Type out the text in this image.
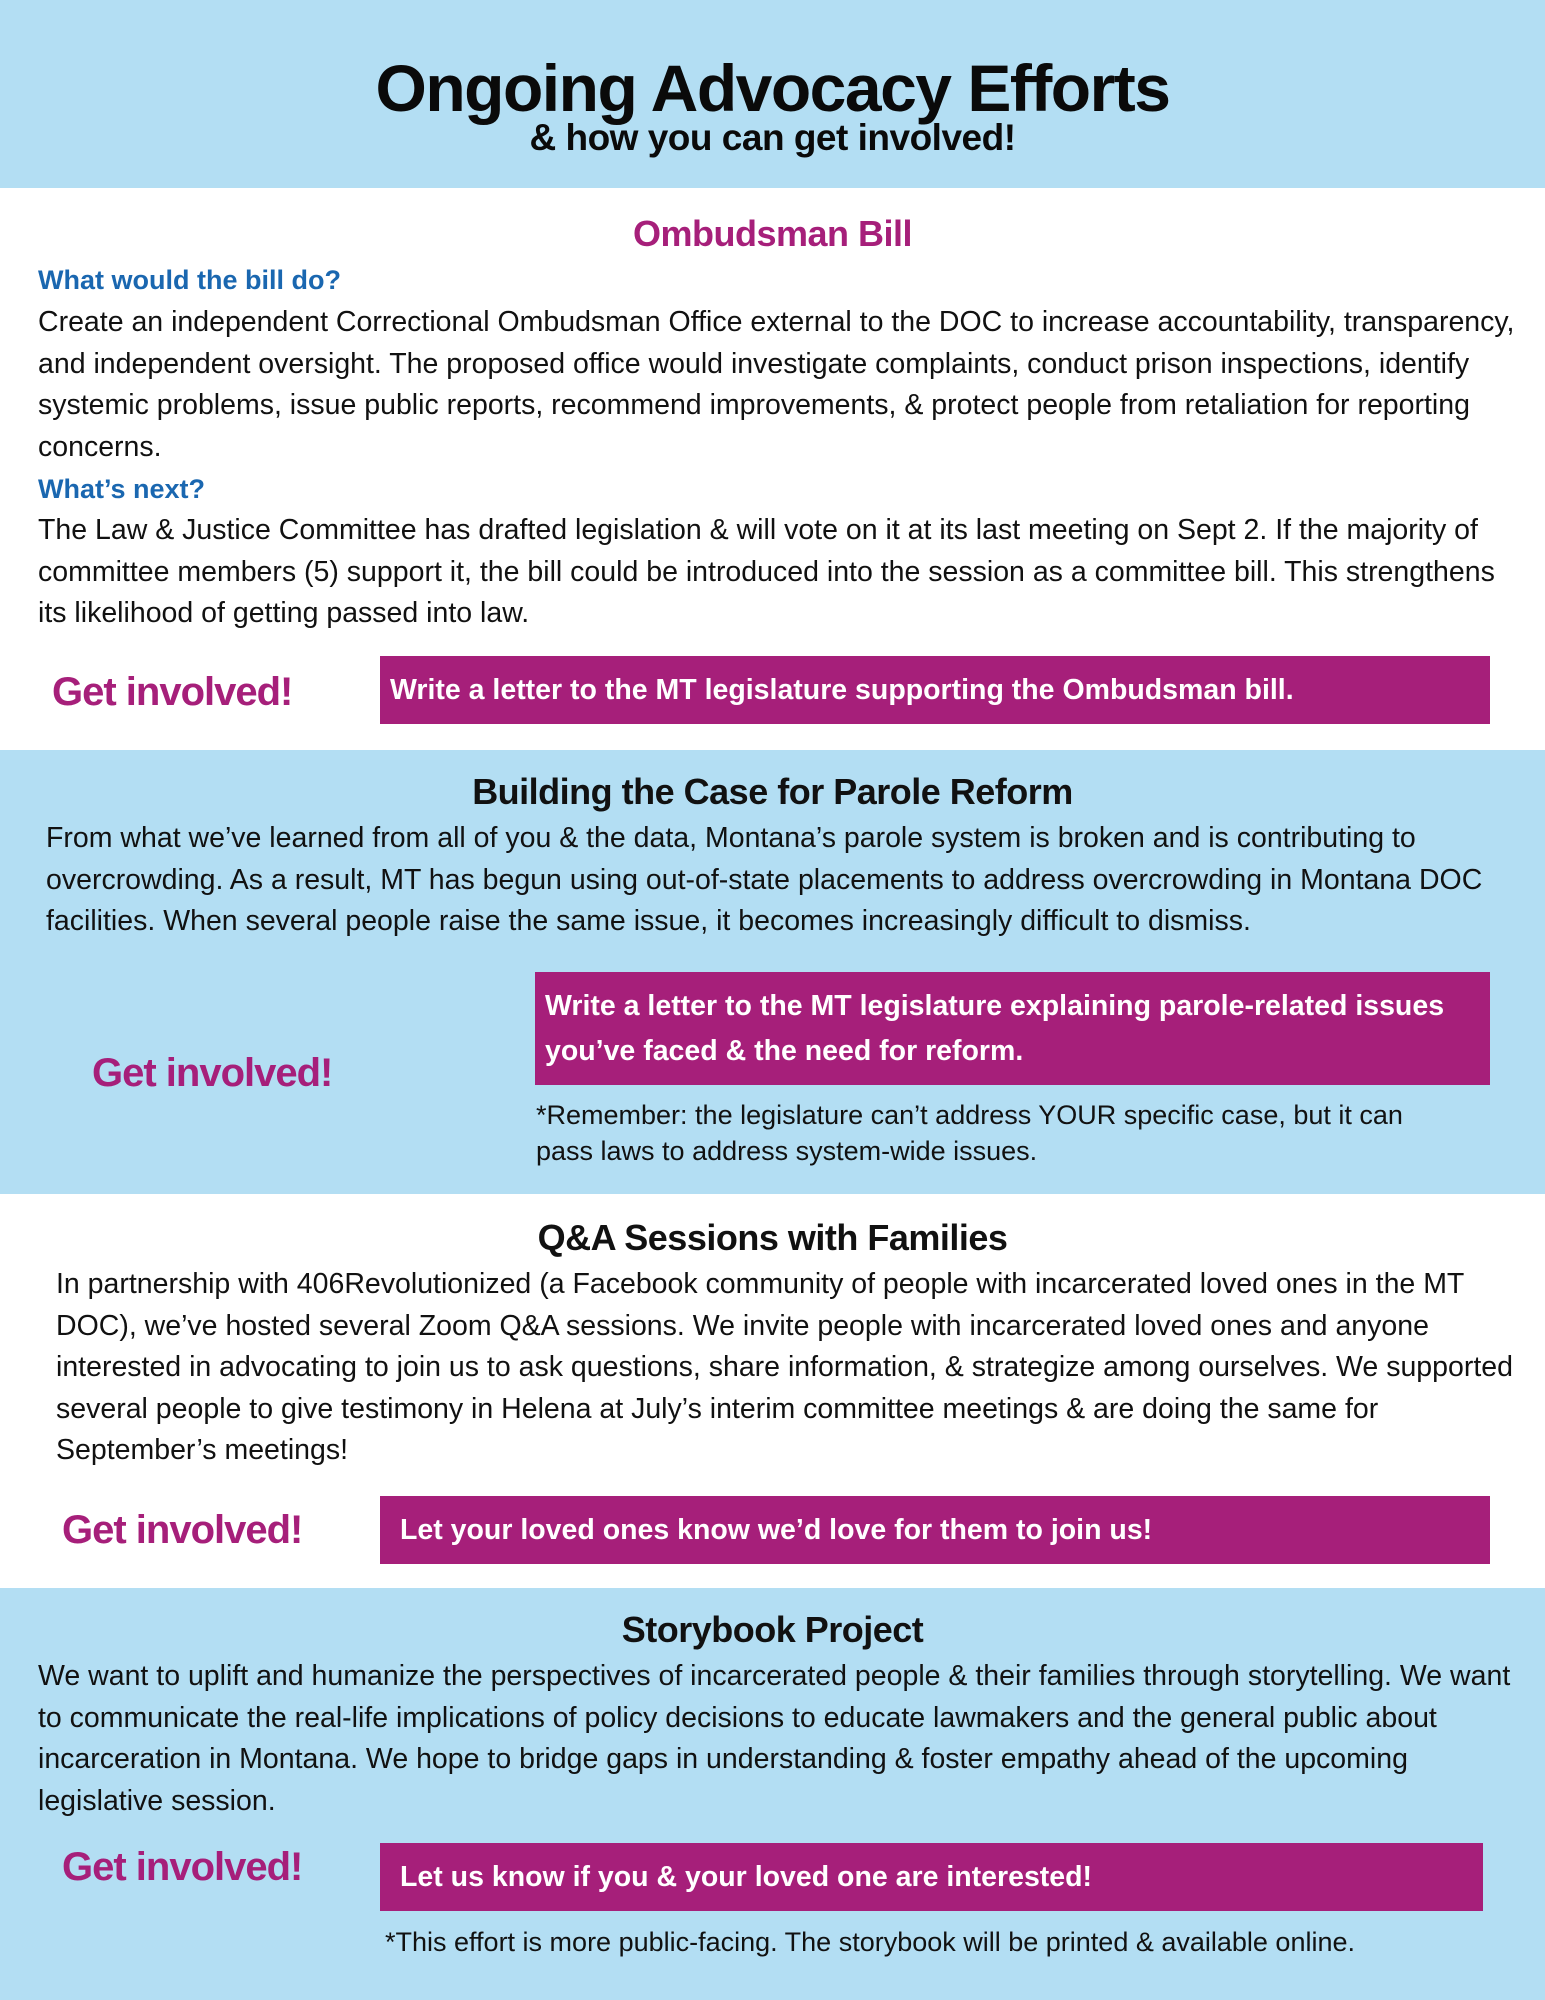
Ongoing Advocacy Efforts
& how you can get involved!
Ombudsman Bill
What would the bill do?

Create an independent Correctional Ombudsman Office external to the DOC to increase accountability, transparency, and independent oversight. The proposed office would investigate complaints, conduct prison inspections, identify systemic problems, issue public reports, recommend improvements, & protect people from retaliation for reporting concerns.

What’s next?

The Law & Justice Committee has drafted legislation & will vote on it at its last meeting on Sept 2. If the majority of committee members (5) support it, the bill could be introduced into the session as a committee bill. This strengthens its likelihood of getting passed into law.

Get involved!	Write a letter to the MT legislature supporting the Ombudsman bill.
Building the Case for Parole Reform

From what we’ve learned from all of you & the data, Montana’s parole system is broken and is contributing to overcrowding. As a result, MT has begun using out-of-state placements to address overcrowding in Montana DOC facilities. When several people raise the same issue, it becomes increasingly difficult to dismiss.

Get involved!
Write a letter to the MT legislature explaining parole-related issues you’ve faced & the need for reform.

*Remember: the legislature can’t address YOUR specific case, but it can pass laws to address system-wide issues.

Q&A Sessions with Families

In partnership with 406Revolutionized (a Facebook community of people with incarcerated loved ones in the MT DOC), we’ve hosted several Zoom Q&A sessions. We invite people with incarcerated loved ones and anyone interested in advocating to join us to ask questions, share information, & strategize among ourselves. We supported several people to give testimony in Helena at July’s interim committee meetings & are doing the same for September’s meetings!

Get involved!	Let your loved ones know we’d love for them to join us!
Storybook Project

We want to uplift and humanize the perspectives of incarcerated people & their families through storytelling. We want to communicate the real-life implications of policy decisions to educate lawmakers and the general public about incarceration in Montana. We hope to bridge gaps in understanding & foster empathy ahead of the upcoming legislative session.

Get involved!	Let us know if you & your loved one are interested!

*This effort is more public-facing. The storybook will be printed & available online.
